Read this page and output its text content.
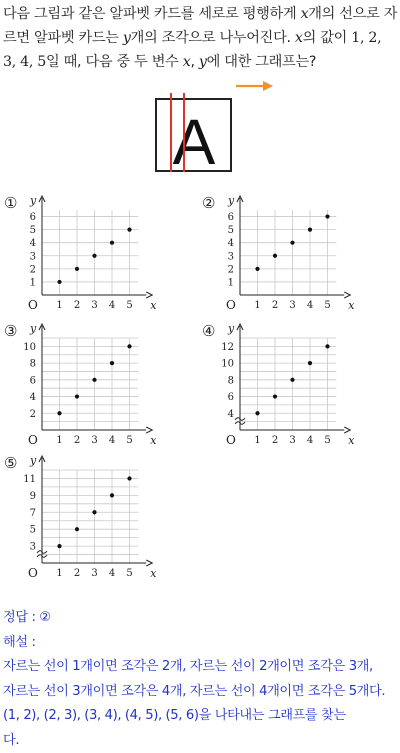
다음 그림과 같은 알파벳 카드를 세로로 평행하게 x개의 선으로 자
르면 알파벳 카드는 y개의 조각으로 나누어진다. x의 값이 1, 2,
3, 4, 5일 때, 다음 중 두 변수 x, y에 대한 그래프는?
A
① y
x
O 1 2 3 4 5
1
2
3
4
5
6
② y
x
O 1 2 3 4 5
1
2
3
4
5
6
③ y
x
O 1 2 3 4 5
2
4
6
8
10
④ y
x
O 1 2 3 4 5
4
6
8
10
12
⑤ y
x
O 1 2 3 4 5
3
5
7
9
11
정답 : ②
해설 :
자르는 선이 1개이면 조각은 2개, 자르는 선이 2개이면 조각은 3개,
자르는 선이 3개이면 조각은 4개, 자르는 선이 4개이면 조각은 5개다.
(1, 2), (2, 3), (3, 4), (4, 5), (5, 6)을 나타내는 그래프를 찾는
다.
